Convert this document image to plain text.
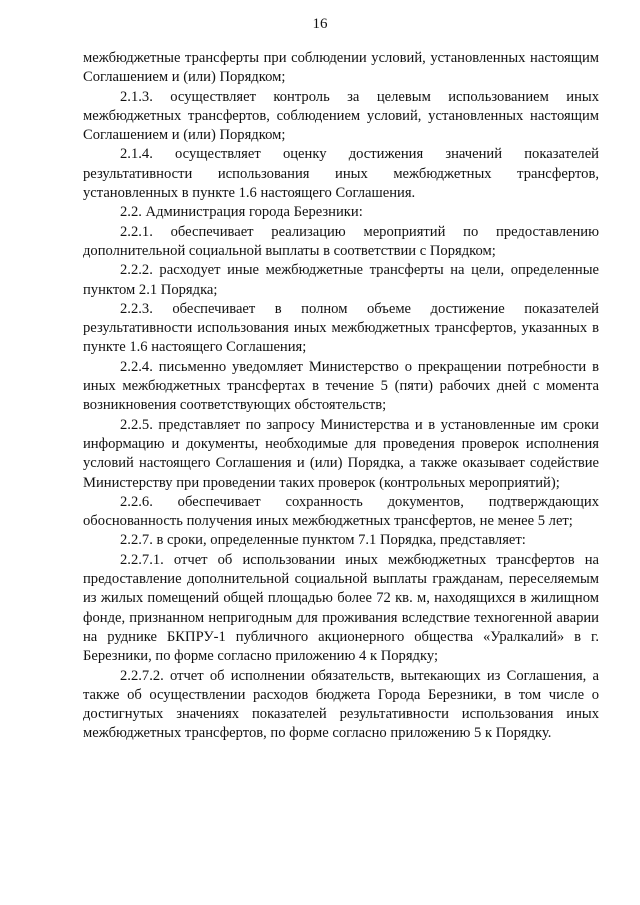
16

межбюджетные трансферты при соблюдении условий, установленных настоящим Соглашением и (или) Порядком;

2.1.3. осуществляет контроль за целевым использованием иных межбюджетных трансфертов, соблюдением условий, установленных настоящим Соглашением и (или) Порядком;

2.1.4. осуществляет оценку достижения значений показателей результативности использования иных межбюджетных трансфертов, установленных в пункте 1.6 настоящего Соглашения.

2.2. Администрация города Березники:

2.2.1. обеспечивает реализацию мероприятий по предоставлению дополнительной социальной выплаты в соответствии с Порядком;

2.2.2. расходует иные межбюджетные трансферты на цели, определенные пунктом 2.1 Порядка;

2.2.3. обеспечивает в полном объеме достижение показателей результативности использования иных межбюджетных трансфертов, указанных в пункте 1.6 настоящего Соглашения;

2.2.4. письменно уведомляет Министерство о прекращении потребности в иных межбюджетных трансфертах в течение 5 (пяти) рабочих дней с момента возникновения соответствующих обстоятельств;

2.2.5. представляет по запросу Министерства и в установленные им сроки информацию и документы, необходимые для проведения проверок исполнения условий настоящего Соглашения и (или) Порядка, а также оказывает содействие Министерству при проведении таких проверок (контрольных мероприятий);

2.2.6. обеспечивает сохранность документов, подтверждающих обоснованность получения иных межбюджетных трансфертов, не менее 5 лет;

2.2.7. в сроки, определенные пунктом 7.1 Порядка, представляет:

2.2.7.1. отчет об использовании иных межбюджетных трансфертов на предоставление дополнительной социальной выплаты гражданам, переселяемым из жилых помещений общей площадью более 72 кв. м, находящихся в жилищном фонде, признанном непригодным для проживания вследствие техногенной аварии на руднике БКПРУ-1 публичного акционерного общества «Уралкалий» в г. Березники, по форме согласно приложению 4 к Порядку;

2.2.7.2. отчет об исполнении обязательств, вытекающих из Соглашения, а также об осуществлении расходов бюджета Города Березники, в том числе о достигнутых значениях показателей результативности использования иных межбюджетных трансфертов, по форме согласно приложению 5 к Порядку.
